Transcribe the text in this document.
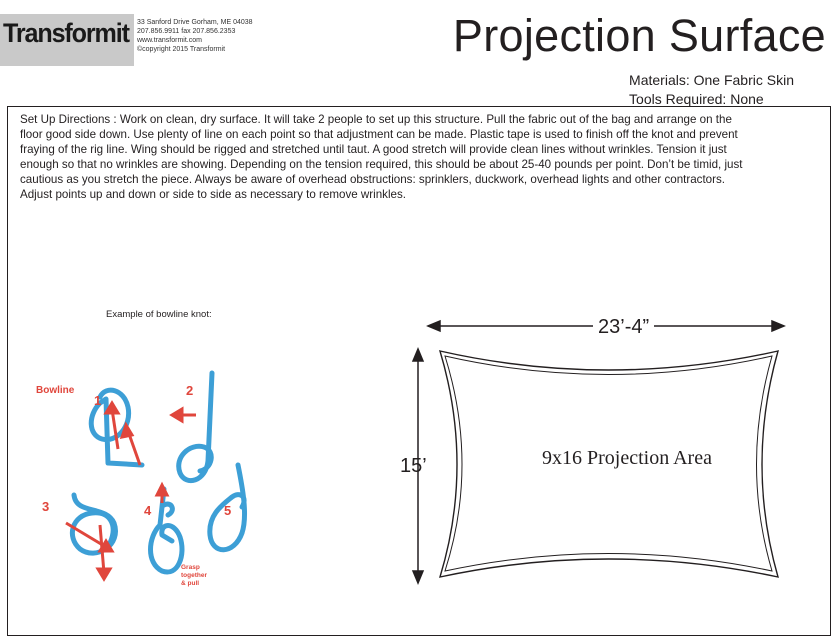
Transformit 33 Sanford Drive Gorham, ME 04038
207.856.9911 fax 207.856.2353
www.transformit.com
©copyright 2015 Transformit	Projection Surface
Materials: One Fabric Skin
Tools Required: None
Set Up Directions : Work on clean, dry surface. It will take 2 people to set up this structure. Pull the fabric out of the bag and arrange on the
floor good side down. Use plenty of line on each point so that adjustment can be made. Plastic tape is used to finish off the knot and prevent
fraying of the rig line. Wing should be rigged and stretched until taut. A good stretch will provide clean lines without wrinkles. Tension it just
enough so that no wrinkles are showing. Depending on the tension required, this should be about 25-40 pounds per point. Don’t be timid, just
cautious as you stretch the piece. Always be aware of overhead obstructions: sprinklers, duckwork, overhead lights and other contractors.
Adjust points up and down or side to side as necessary to remove wrinkles.
Example of bowline knot:
Bowline
1
2
3	4	5
Grasp
together
& pull
23’-4”
15’	9x16 Projection Area
